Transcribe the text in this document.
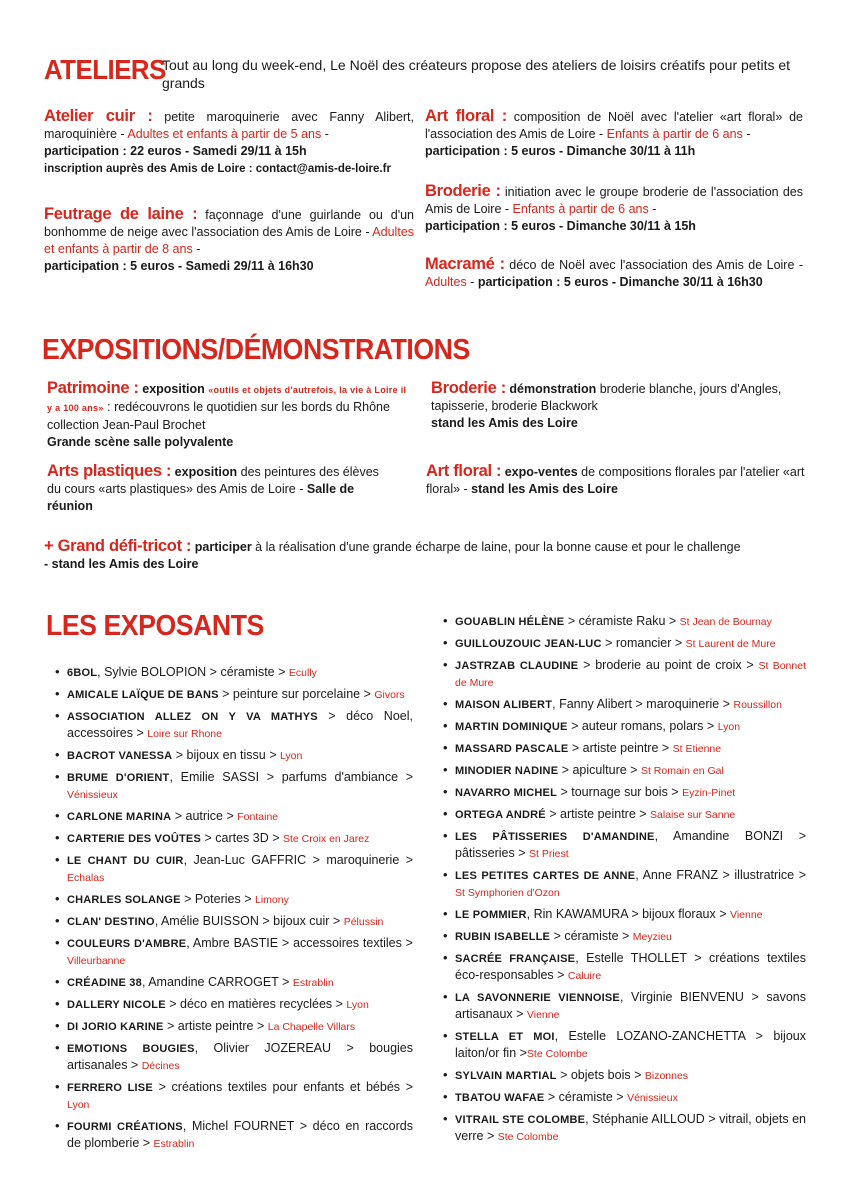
ATELIERS
Tout au long du week-end, Le Noël des créateurs propose des ateliers de loisirs créatifs pour petits et grands
Atelier cuir : petite maroquinerie avec Fanny Alibert, maroquinière - Adultes et enfants à partir de 5 ans -
participation : 22 euros - Samedi 29/11 à 15h
inscription auprès des Amis de Loire : contact@amis-de-loire.fr
Feutrage de laine : façonnage d'une guirlande ou d'un bonhomme de neige avec l'association des Amis de Loire - Adultes et enfants à partir de 8 ans -
participation : 5 euros - Samedi 29/11 à 16h30
Art floral : composition de Noël avec l'atelier «art floral» de l'association des Amis de Loire - Enfants à partir de 6 ans -
participation : 5 euros - Dimanche 30/11 à 11h
Broderie : initiation avec le groupe broderie de l'association des Amis de Loire - Enfants à partir de 6 ans -
participation : 5 euros - Dimanche 30/11 à 15h
Macramé : déco de Noël avec l'association des Amis de Loire - Adultes - participation : 5 euros - Dimanche 30/11 à 16h30
EXPOSITIONS/DÉMONSTRATIONS
Patrimoine : exposition «outils et objets d'autrefois, la vie à Loire il y a 100 ans» : redécouvrons le quotidien sur les bords du Rhône collection Jean-Paul Brochet
Grande scène salle polyvalente
Arts plastiques : exposition des peintures des élèves du cours «arts plastiques» des Amis de Loire - Salle de réunion
Broderie : démonstration broderie blanche, jours d'Angles, tapisserie, broderie Blackwork
stand les Amis des Loire
Art floral : expo-ventes de compositions florales par l'atelier «art floral» - stand les Amis des Loire
+ Grand défi-tricot : participer à la réalisation d'une grande écharpe de laine, pour la bonne cause et pour le challenge
- stand les Amis des Loire
LES EXPOSANTS
• 6BOL, Sylvie BOLOPION > céramiste > Ecully
• AMICALE LAÏQUE DE BANS > peinture sur porcelaine > Givors
• ASSOCIATION ALLEZ ON Y VA MATHYS > déco Noel, accessoires > Loire sur Rhone
• BACROT VANESSA > bijoux en tissu > Lyon
• BRUME D'ORIENT, Emilie SASSI > parfums d'ambiance > Vénissieux
• CARLONE MARINA > autrice > Fontaine
• CARTERIE DES VOÛTES > cartes 3D > Ste Croix en Jarez
• LE CHANT DU CUIR, Jean-Luc GAFFRIC > maroquinerie > Echalas
• CHARLES SOLANGE > Poteries > Limony
• CLAN' DESTINO, Amélie BUISSON > bijoux cuir > Pélussin
• COULEURS D'AMBRE, Ambre BASTIE > accessoires textiles > Villeurbanne
• CRÉADINE 38, Amandine CARROGET > Estrablin
• DALLERY NICOLE > déco en matières recyclées > Lyon
• DI JORIO KARINE > artiste peintre > La Chapelle Villars
• EMOTIONS BOUGIES, Olivier JOZEREAU > bougies artisanales > Décines
• FERRERO LISE > créations textiles pour enfants et bébés > Lyon
• FOURMI CRÉATIONS, Michel FOURNET > déco en raccords de plomberie > Estrablin
• GOUABLIN HÉLÈNE > céramiste Raku > St Jean de Bournay
• GUILLOUZOUIC JEAN-LUC > romancier > St Laurent de Mure
• JASTRZAB CLAUDINE > broderie au point de croix > St Bonnet de Mure
• MAISON ALIBERT, Fanny Alibert > maroquinerie > Roussillon
• MARTIN DOMINIQUE > auteur romans, polars > Lyon
• MASSARD PASCALE > artiste peintre > St Etienne
• MINODIER NADINE > apiculture > St Romain en Gal
• NAVARRO MICHEL > tournage sur bois > Eyzin-Pinet
• ORTEGA ANDRÉ > artiste peintre > Salaise sur Sanne
• LES PÂTISSERIES D'AMANDINE, Amandine BONZI > pâtisseries > St Priest
• LES PETITES CARTES DE ANNE, Anne FRANZ > illustratrice > St Symphorien d'Ozon
• LE POMMIER, Rin KAWAMURA > bijoux floraux > Vienne
• RUBIN ISABELLE > céramiste > Meyzieu
• SACRÉE FRANÇAISE, Estelle THOLLET > créations textiles éco-responsables > Caluire
• LA SAVONNERIE VIENNOISE, Virginie BIENVENU > savons artisanaux > Vienne
• STELLA ET MOI, Estelle LOZANO-ZANCHETTA > bijoux laiton/or fin >Ste Colombe
• SYLVAIN MARTIAL > objets bois > Bizonnes
• TBATOU WAFAE > céramiste > Vénissieux
• VITRAIL STE COLOMBE, Stéphanie AILLOUD > vitrail, objets en verre > Ste Colombe
